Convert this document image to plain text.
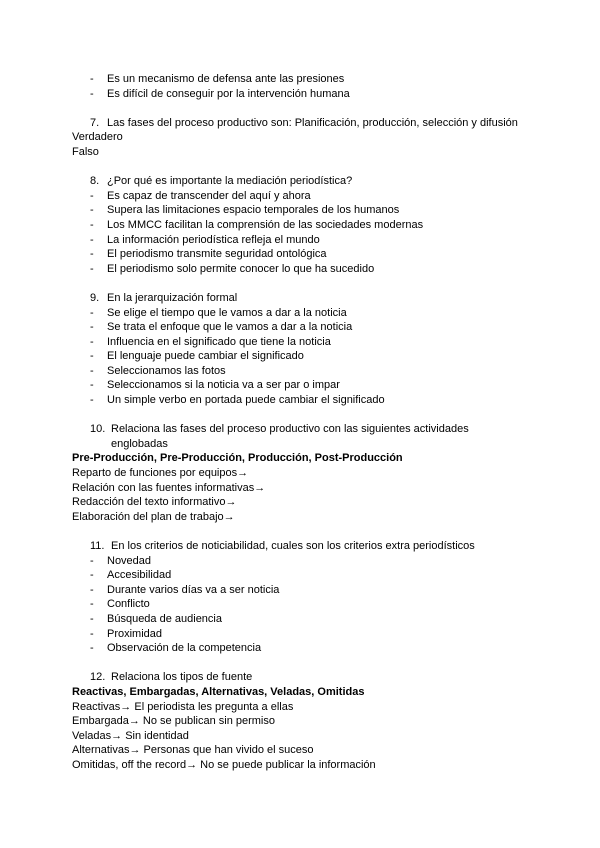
- Es un mecanismo de defensa ante las presiones
- Es difícil de conseguir por la intervención humana
7. Las fases del proceso productivo son: Planificación, producción, selección y difusión
Verdadero
Falso
8. ¿Por qué es importante la mediación periodística?
- Es capaz de transcender del aquí y ahora
- Supera las limitaciones espacio temporales de los humanos
- Los MMCC facilitan la comprensión de las sociedades modernas
- La información periodística refleja el mundo
- El periodismo transmite seguridad ontológica
- El periodismo solo permite conocer lo que ha sucedido
9. En la jerarquización formal
- Se elige el tiempo que le vamos a dar a la noticia
- Se trata el enfoque que le vamos a dar a la noticia
- Influencia en el significado que tiene la noticia
- El lenguaje puede cambiar el significado
- Seleccionamos las fotos
- Seleccionamos si la noticia va a ser par o impar
- Un simple verbo en portada puede cambiar el significado
10. Relaciona las fases del proceso productivo con las siguientes actividades
englobadas
Pre-Producción, Pre-Producción, Producción, Post-Producción
Reparto de funciones por equipos→
Relación con las fuentes informativas→
Redacción del texto informativo→
Elaboración del plan de trabajo→
11. En los criterios de noticiabilidad, cuales son los criterios extra periodísticos
- Novedad
- Accesibilidad
- Durante varios días va a ser noticia
- Conflicto
- Búsqueda de audiencia
- Proximidad
- Observación de la competencia
12. Relaciona los tipos de fuente
Reactivas, Embargadas, Alternativas, Veladas, Omitidas
Reactivas→ El periodista les pregunta a ellas
Embargada→ No se publican sin permiso
Veladas→ Sin identidad
Alternativas→ Personas que han vivido el suceso
Omitidas, off the record→ No se puede publicar la información
